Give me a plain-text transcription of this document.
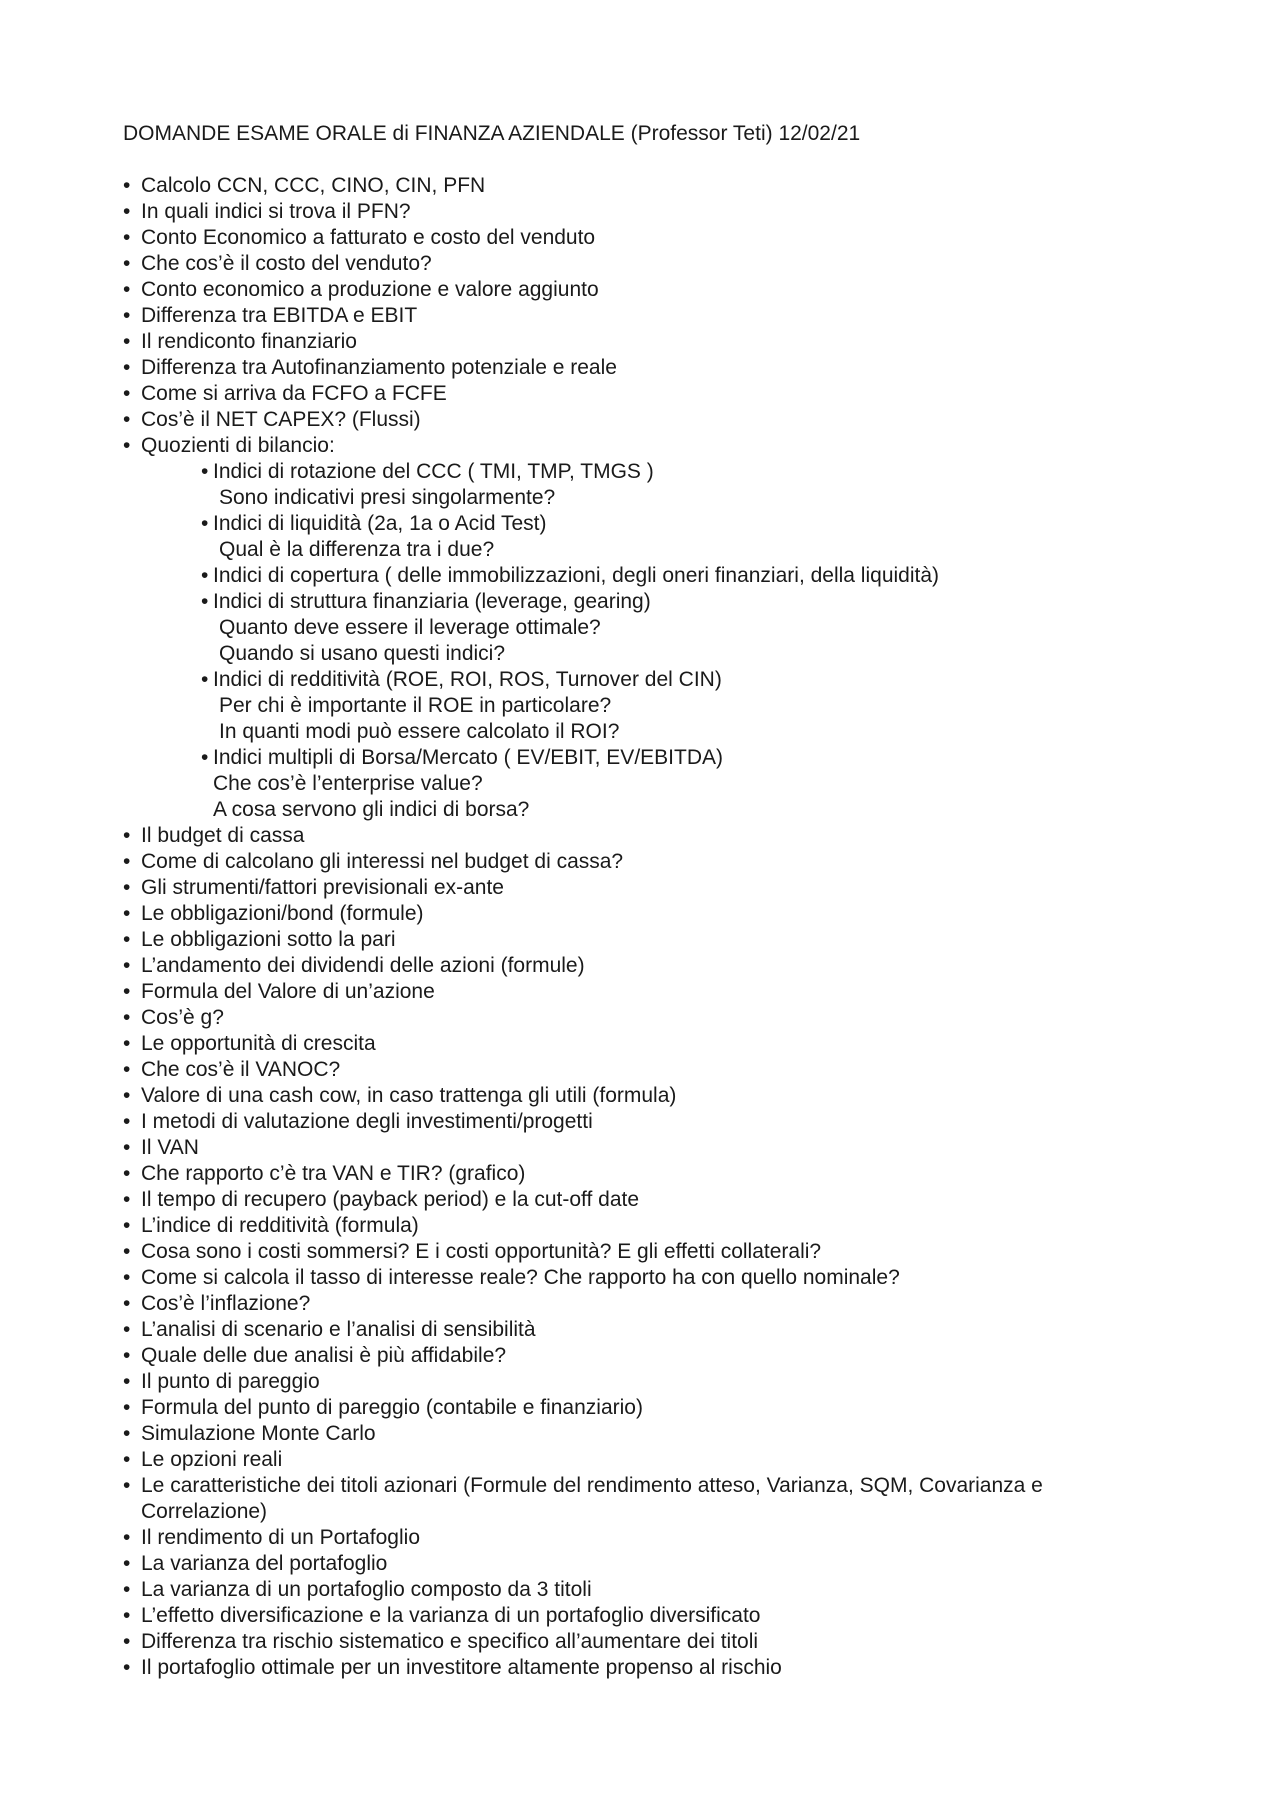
DOMANDE ESAME ORALE di FINANZA AZIENDALE (Professor Teti) 12/02/21
• Calcolo CCN, CCC, CINO, CIN, PFN
• In quali indici si trova il PFN?
• Conto Economico a fatturato e costo del venduto
• Che cos’è il costo del venduto?
• Conto economico a produzione e valore aggiunto
• Differenza tra EBITDA e EBIT
• Il rendiconto finanziario
• Differenza tra Autofinanziamento potenziale e reale
• Come si arriva da FCFO a FCFE
• Cos’è il NET CAPEX? (Flussi)
• Quozienti di bilancio:
• Indici di rotazione del CCC ( TMI, TMP, TMGS )
Sono indicativi presi singolarmente?
• Indici di liquidità (2a, 1a o Acid Test)
Qual è la differenza tra i due?
• Indici di copertura ( delle immobilizzazioni, degli oneri finanziari, della liquidità)
• Indici di struttura finanziaria (leverage, gearing)
Quanto deve essere il leverage ottimale?
Quando si usano questi indici?
• Indici di redditività (ROE, ROI, ROS, Turnover del CIN)
Per chi è importante il ROE in particolare?
In quanti modi può essere calcolato il ROI?
• Indici multipli di Borsa/Mercato ( EV/EBIT, EV/EBITDA)
Che cos’è l’enterprise value?
A cosa servono gli indici di borsa?
• Il budget di cassa
• Come di calcolano gli interessi nel budget di cassa?
• Gli strumenti/fattori previsionali ex-ante
• Le obbligazioni/bond (formule)
• Le obbligazioni sotto la pari
• L’andamento dei dividendi delle azioni (formule)
• Formula del Valore di un’azione
• Cos’è g?
• Le opportunità di crescita
• Che cos’è il VANOC?
• Valore di una cash cow, in caso trattenga gli utili (formula)
• I metodi di valutazione degli investimenti/progetti
• Il VAN
• Che rapporto c’è tra VAN e TIR? (grafico)
• Il tempo di recupero (payback period) e la cut-off date
• L’indice di redditività (formula)
• Cosa sono i costi sommersi? E i costi opportunità? E gli effetti collaterali?
• Come si calcola il tasso di interesse reale? Che rapporto ha con quello nominale?
• Cos’è l’inflazione?
• L’analisi di scenario e l’analisi di sensibilità
• Quale delle due analisi è più affidabile?
• Il punto di pareggio
• Formula del punto di pareggio (contabile e finanziario)
• Simulazione Monte Carlo
• Le opzioni reali
• Le caratteristiche dei titoli azionari (Formule del rendimento atteso, Varianza, SQM, Covarianza e
Correlazione)
• Il rendimento di un Portafoglio
• La varianza del portafoglio
• La varianza di un portafoglio composto da 3 titoli
• L’effetto diversificazione e la varianza di un portafoglio diversificato
• Differenza tra rischio sistematico e specifico all’aumentare dei titoli
• Il portafoglio ottimale per un investitore altamente propenso al rischio
